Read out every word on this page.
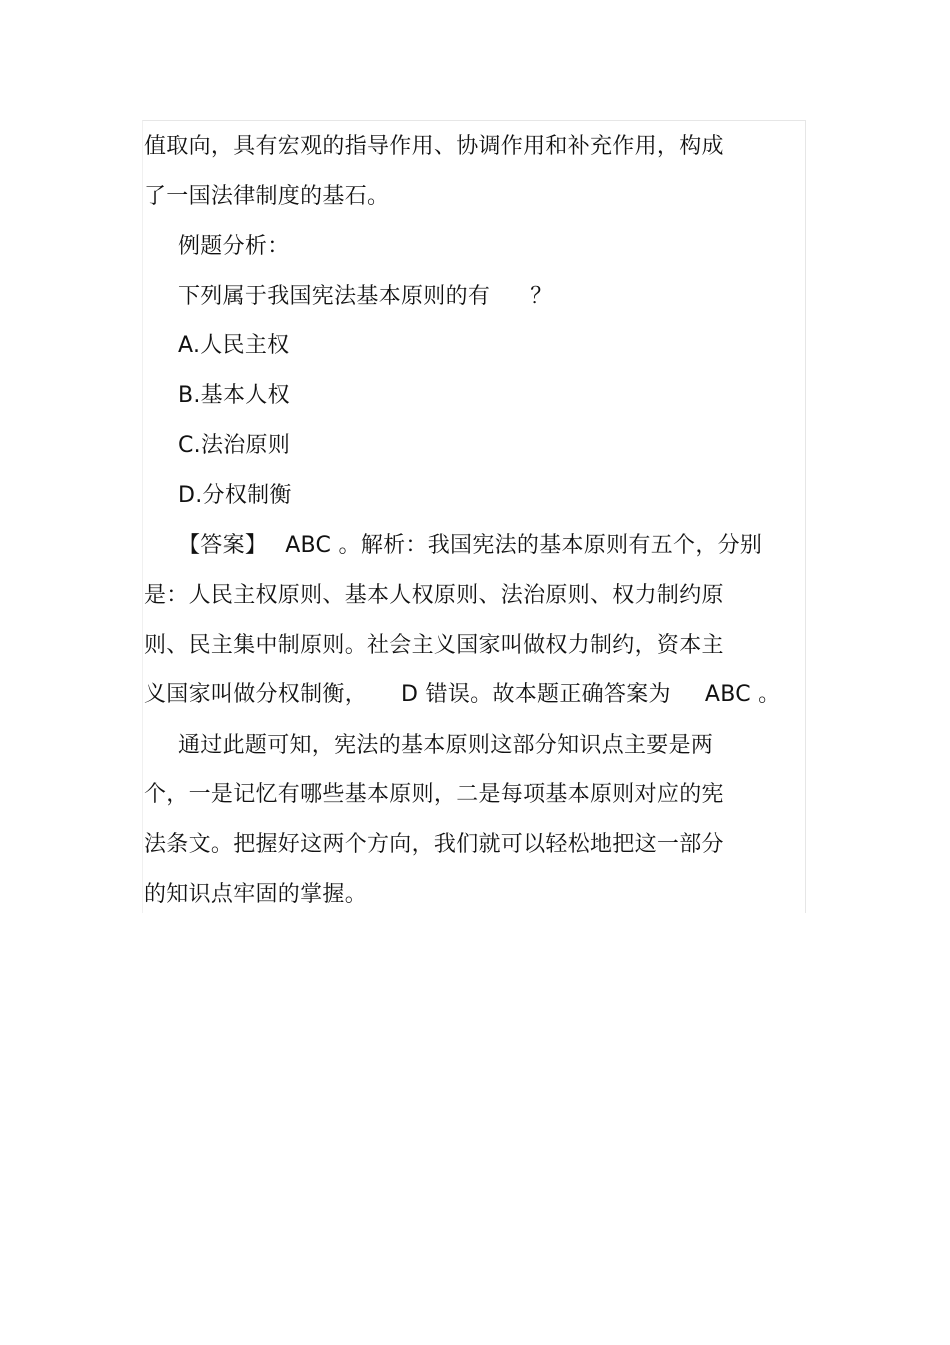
值取向，具有宏观的指导作用、协调作用和补充作用，构成
了一国法律制度的基石。
例题分析：
下列属于我国宪法基本原则的有 ？
A.人民主权
B.基本人权
C.法治原则
D.分权制衡
【答案】 ABC 。解析：我国宪法的基本原则有五个，分别
是：人民主权原则、基本人权原则、法治原则、权力制约原
则、民主集中制原则。社会主义国家叫做权力制约，资本主
义国家叫做分权制衡， D 错误。故本题正确答案为 ABC 。
通过此题可知，宪法的基本原则这部分知识点主要是两
个，一是记忆有哪些基本原则，二是每项基本原则对应的宪
法条文。把握好这两个方向，我们就可以轻松地把这一部分
的知识点牢固的掌握。
